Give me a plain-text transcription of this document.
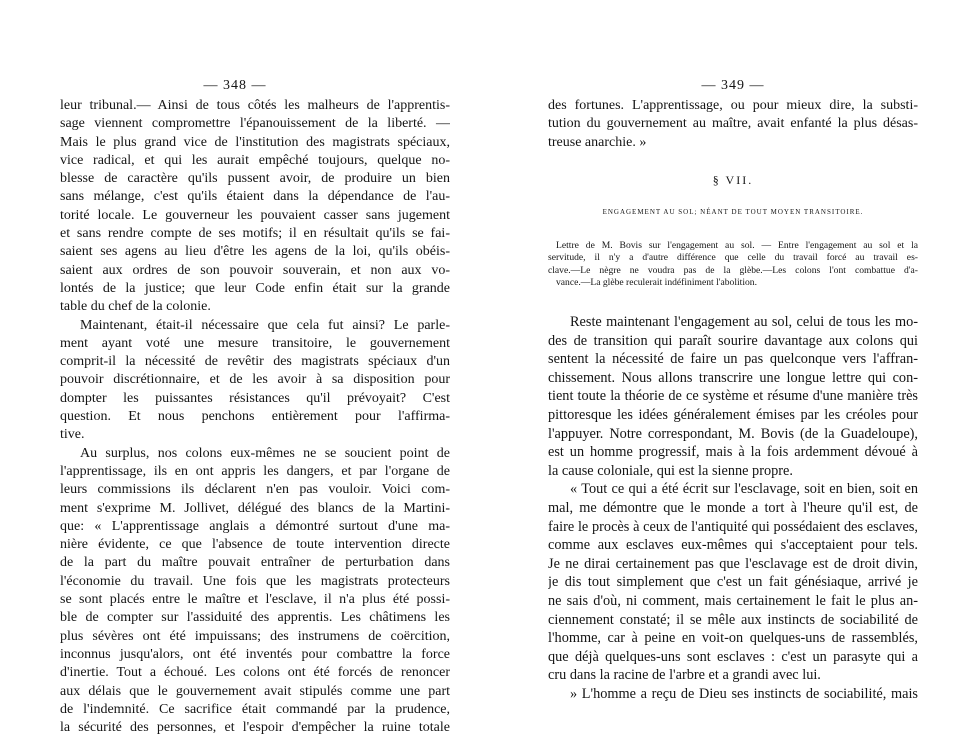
— 348 —
leur tribunal.— Ainsi de tous côtés les malheurs de l'apprentis-
sage viennent compromettre l'épanouissement de la liberté. —
Mais le plus grand vice de l'institution des magistrats spéciaux,
vice radical, et qui les aurait empêché toujours, quelque no-
blesse de caractère qu'ils pussent avoir, de produire un bien
sans mélange, c'est qu'ils étaient dans la dépendance de l'au-
torité locale. Le gouverneur les pouvaient casser sans jugement
et sans rendre compte de ses motifs; il en résultait qu'ils se fai-
saient ses agens au lieu d'être les agens de la loi, qu'ils obéis-
saient aux ordres de son pouvoir souverain, et non aux vo-
lontés de la justice; que leur Code enfin était sur la grande
table du chef de la colonie.
Maintenant, était-il nécessaire que cela fut ainsi? Le parle-
ment ayant voté une mesure transitoire, le gouvernement
comprit-il la nécessité de revêtir des magistrats spéciaux d'un
pouvoir discrétionnaire, et de les avoir à sa disposition pour
dompter les puissantes résistances qu'il prévoyait? C'est
question. Et nous penchons entièrement pour l'affirma-
tive.
Au surplus, nos colons eux-mêmes ne se soucient point de
l'apprentissage, ils en ont appris les dangers, et par l'organe de
leurs commissions ils déclarent n'en pas vouloir. Voici com-
ment s'exprime M. Jollivet, délégué des blancs de la Martini-
que: « L'apprentissage anglais a démontré surtout d'une ma-
nière évidente, ce que l'absence de toute intervention directe
de la part du maître pouvait entraîner de perturbation dans
l'économie du travail. Une fois que les magistrats protecteurs
se sont placés entre le maître et l'esclave, il n'a plus été possi-
ble de compter sur l'assiduité des apprentis. Les châtimens les
plus sévères ont été impuissans; des instrumens de coërcition,
inconnus jusqu'alors, ont été inventés pour combattre la force
d'inertie. Tout a échoué. Les colons ont été forcés de renoncer
aux délais que le gouvernement avait stipulés comme une part
de l'indemnité. Ce sacrifice était commandé par la prudence,
la sécurité des personnes, et l'espoir d'empêcher la ruine totale
— 349 —
des fortunes. L'apprentissage, ou pour mieux dire, la substi-
tution du gouvernement au maître, avait enfanté la plus désas-
treuse anarchie. »
§ VII.
ENGAGEMENT AU SOL; NÉANT DE TOUT MOYEN TRANSITOIRE.
Lettre de M. Bovis sur l'engagement au sol. — Entre l'engagement au sol et la
servitude, il n'y a d'autre différence que celle du travail forcé au travail es-
clave.—Le nègre ne voudra pas de la glèbe.—Les colons l'ont combattue d'a-
vance.—La glèbe reculerait indéfiniment l'abolition.
Reste maintenant l'engagement au sol, celui de tous les mo-
des de transition qui paraît sourire davantage aux colons qui
sentent la nécessité de faire un pas quelconque vers l'affran-
chissement. Nous allons transcrire une longue lettre qui con-
tient toute la théorie de ce système et résume d'une manière très
pittoresque les idées généralement émises par les créoles pour
l'appuyer. Notre correspondant, M. Bovis (de la Guadeloupe),
est un homme progressif, mais à la fois ardemment dévoué à
la cause coloniale, qui est la sienne propre.
« Tout ce qui a été écrit sur l'esclavage, soit en bien, soit en
mal, me démontre que le monde a tort à l'heure qu'il est, de
faire le procès à ceux de l'antiquité qui possédaient des esclaves,
comme aux esclaves eux-mêmes qui s'acceptaient pour tels.
Je ne dirai certainement pas que l'esclavage est de droit divin,
je dis tout simplement que c'est un fait génésiaque, arrivé je
ne sais d'où, ni comment, mais certainement le fait le plus an-
ciennement constaté; il se mêle aux instincts de sociabilité de
l'homme, car à peine en voit-on quelques-uns de rassemblés,
que déjà quelques-uns sont esclaves : c'est un parasyte qui a
cru dans la racine de l'arbre et a grandi avec lui.
» L'homme a reçu de Dieu ses instincts de sociabilité, mais
